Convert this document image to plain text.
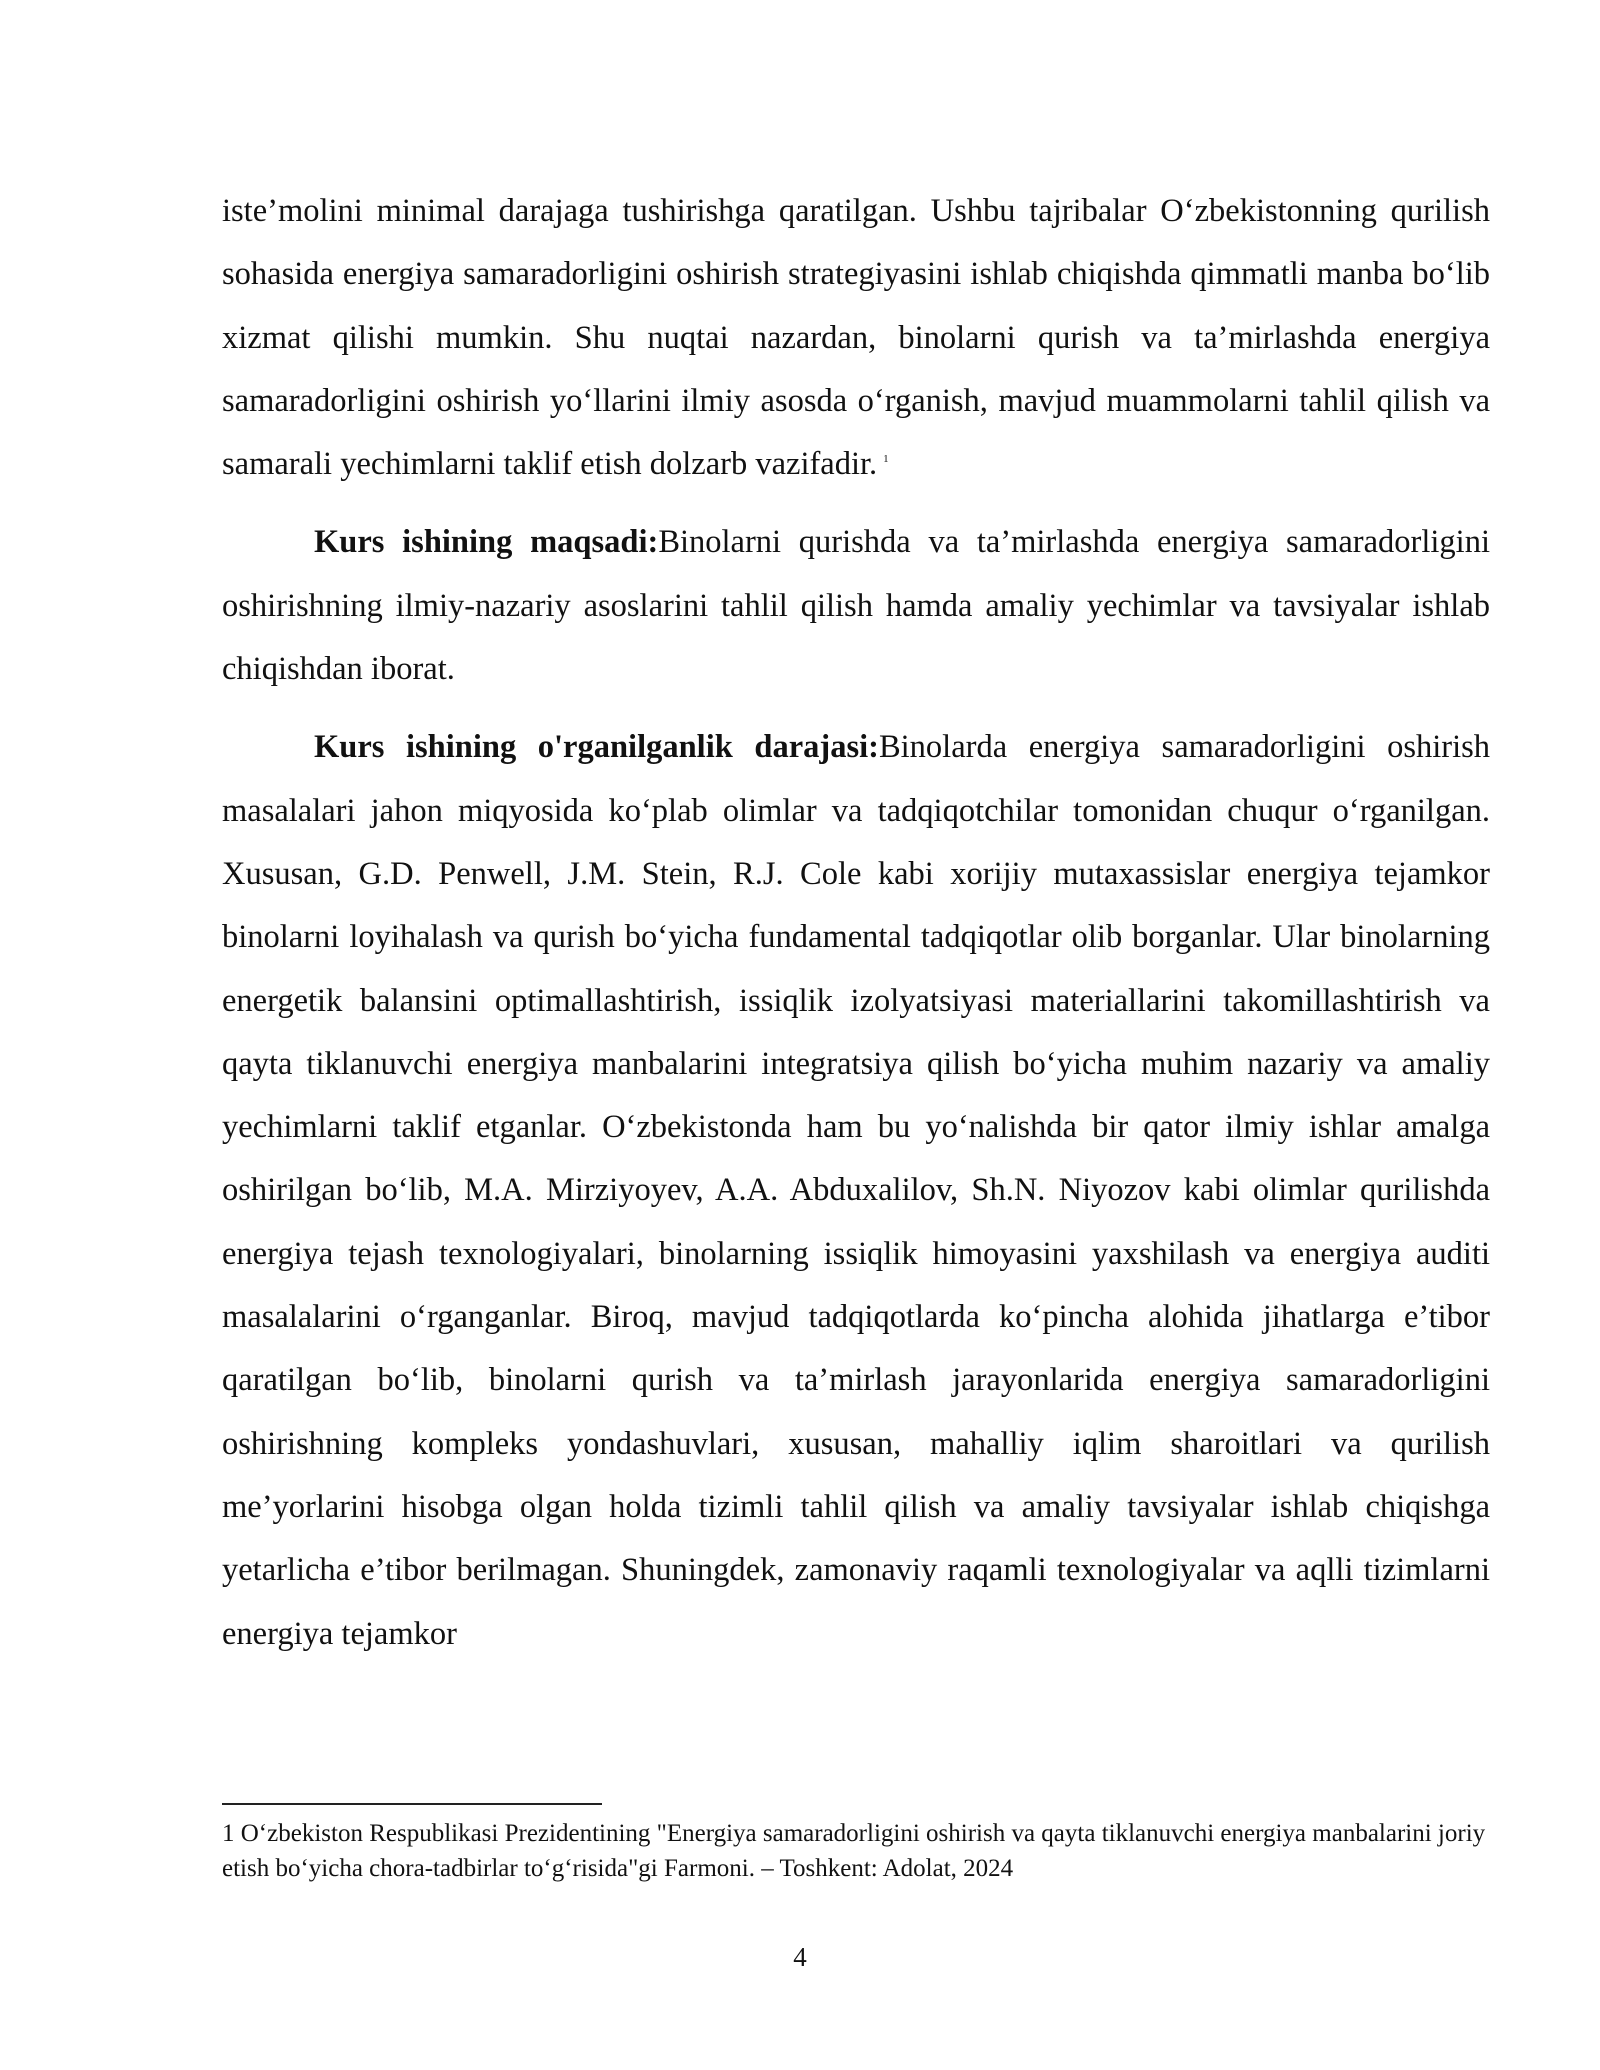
iste’molini minimal darajaga tushirishga qaratilgan. Ushbu tajribalar O‘zbekistonning qurilish sohasida energiya samaradorligini oshirish strategiyasini ishlab chiqishda qimmatli manba bo‘lib xizmat qilishi mumkin. Shu nuqtai nazardan, binolarni qurish va ta’mirlashda energiya samaradorligini oshirish yo‘llarini ilmiy asosda o‘rganish, mavjud muammolarni tahlil qilish va samarali yechimlarni taklif etish dolzarb vazifadir. $^1$

Kurs ishining maqsadi:Binolarni qurishda va ta’mirlashda energiya samaradorligini oshirishning ilmiy-nazariy asoslarini tahlil qilish hamda amaliy yechimlar va tavsiyalar ishlab chiqishdan iborat.

Kurs ishining o'rganilganlik darajasi:Binolarda energiya samaradorligini oshirish masalalari jahon miqyosida ko‘plab olimlar va tadqiqotchilar tomonidan chuqur o‘rganilgan. Xususan, G.D. Penwell, J.M. Stein, R.J. Cole kabi xorijiy mutaxassislar energiya tejamkor binolarni loyihalash va qurish bo‘yicha fundamental tadqiqotlar olib borganlar. Ular binolarning energetik balansini optimallashtirish, issiqlik izolyatsiyasi materiallarini takomillashtirish va qayta tiklanuvchi energiya manbalarini integratsiya qilish bo‘yicha muhim nazariy va amaliy yechimlarni taklif etganlar. O‘zbekistonda ham bu yo‘nalishda bir qator ilmiy ishlar amalga oshirilgan bo‘lib, M.A. Mirziyoyev, A.A. Abduxalilov, Sh.N. Niyozov kabi olimlar qurilishda energiya tejash texnologiyalari, binolarning issiqlik himoyasini yaxshilash va energiya auditi masalalarini o‘rganganlar. Biroq, mavjud tadqiqotlarda ko‘pincha alohida jihatlarga e’tibor qaratilgan bo‘lib, binolarni qurish va ta’mirlash jarayonlarida energiya samaradorligini oshirishning kompleks yondashuvlari, xususan, mahalliy iqlim sharoitlari va qurilish me’yorlarini hisobga olgan holda tizimli tahlil qilish va amaliy tavsiyalar ishlab chiqishga yetarlicha e’tibor berilmagan. Shuningdek, zamonaviy raqamli texnologiyalar va aqlli tizimlarni energiya tejamkor

1 O‘zbekiston Respublikasi Prezidentining "Energiya samaradorligini oshirish va qayta tiklanuvchi energiya manbalarini joriy etish bo‘yicha chora-tadbirlar to‘g‘risida"gi Farmoni. – Toshkent: Adolat, 2024

4
